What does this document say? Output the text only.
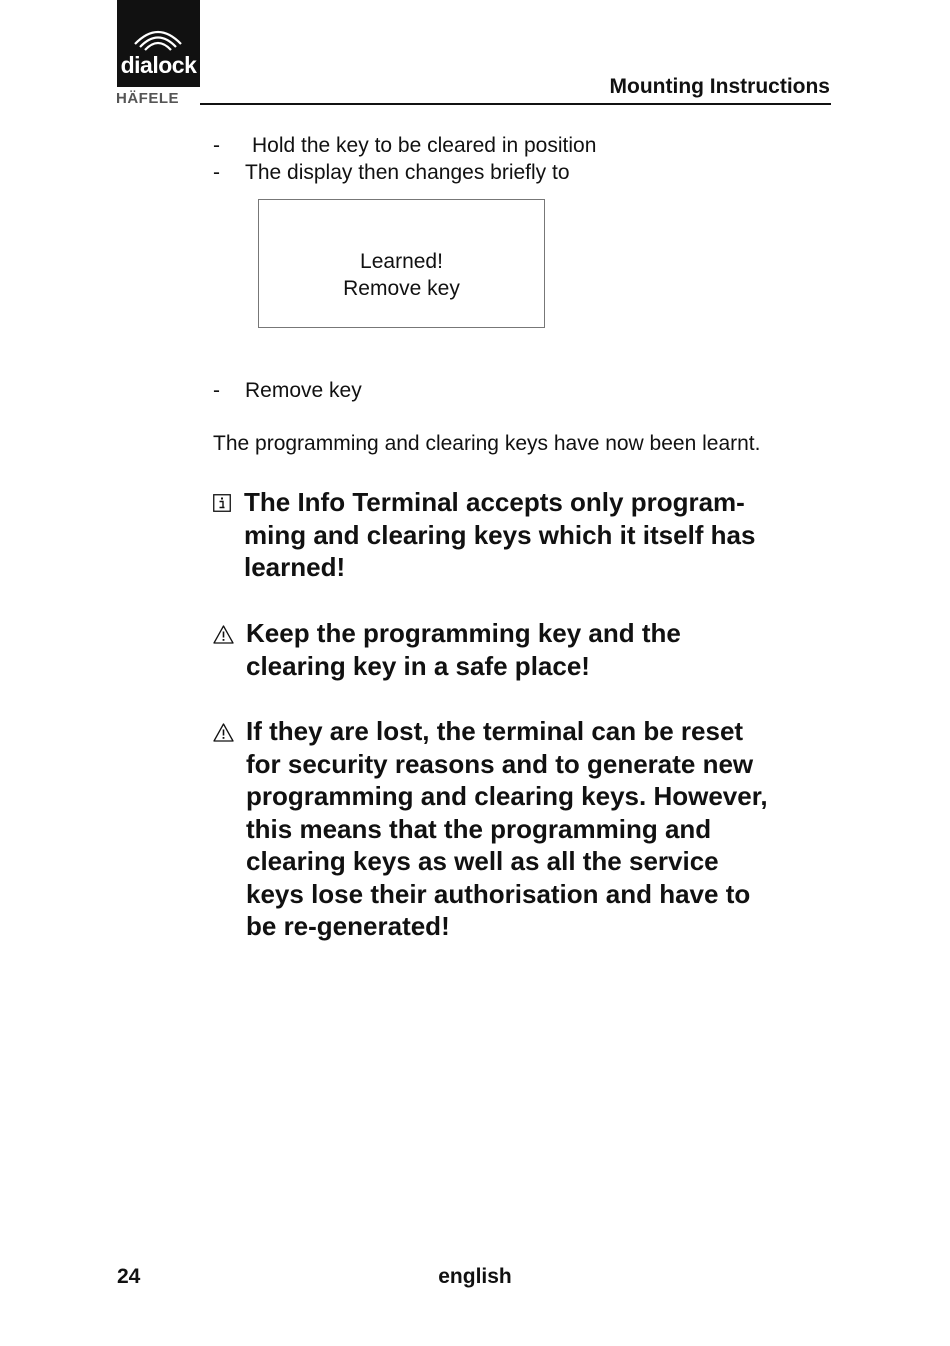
dialock
HÄFELE
Mounting Instructions
- Hold the key to be cleared in position
- The display then changes briefly to
Learned!
Remove key
- Remove key
The programming and clearing keys have now been learnt.
The Info Terminal accepts only program-
ming and clearing keys which it itself has
learned!
Keep the programming key and the
clearing key in a safe place!
If they are lost, the terminal can be reset
for security reasons and to generate new
programming and clearing keys. However,
this means that the programming and
clearing keys as well as all the service
keys lose their authorisation and have to
be re-generated!
24	english
